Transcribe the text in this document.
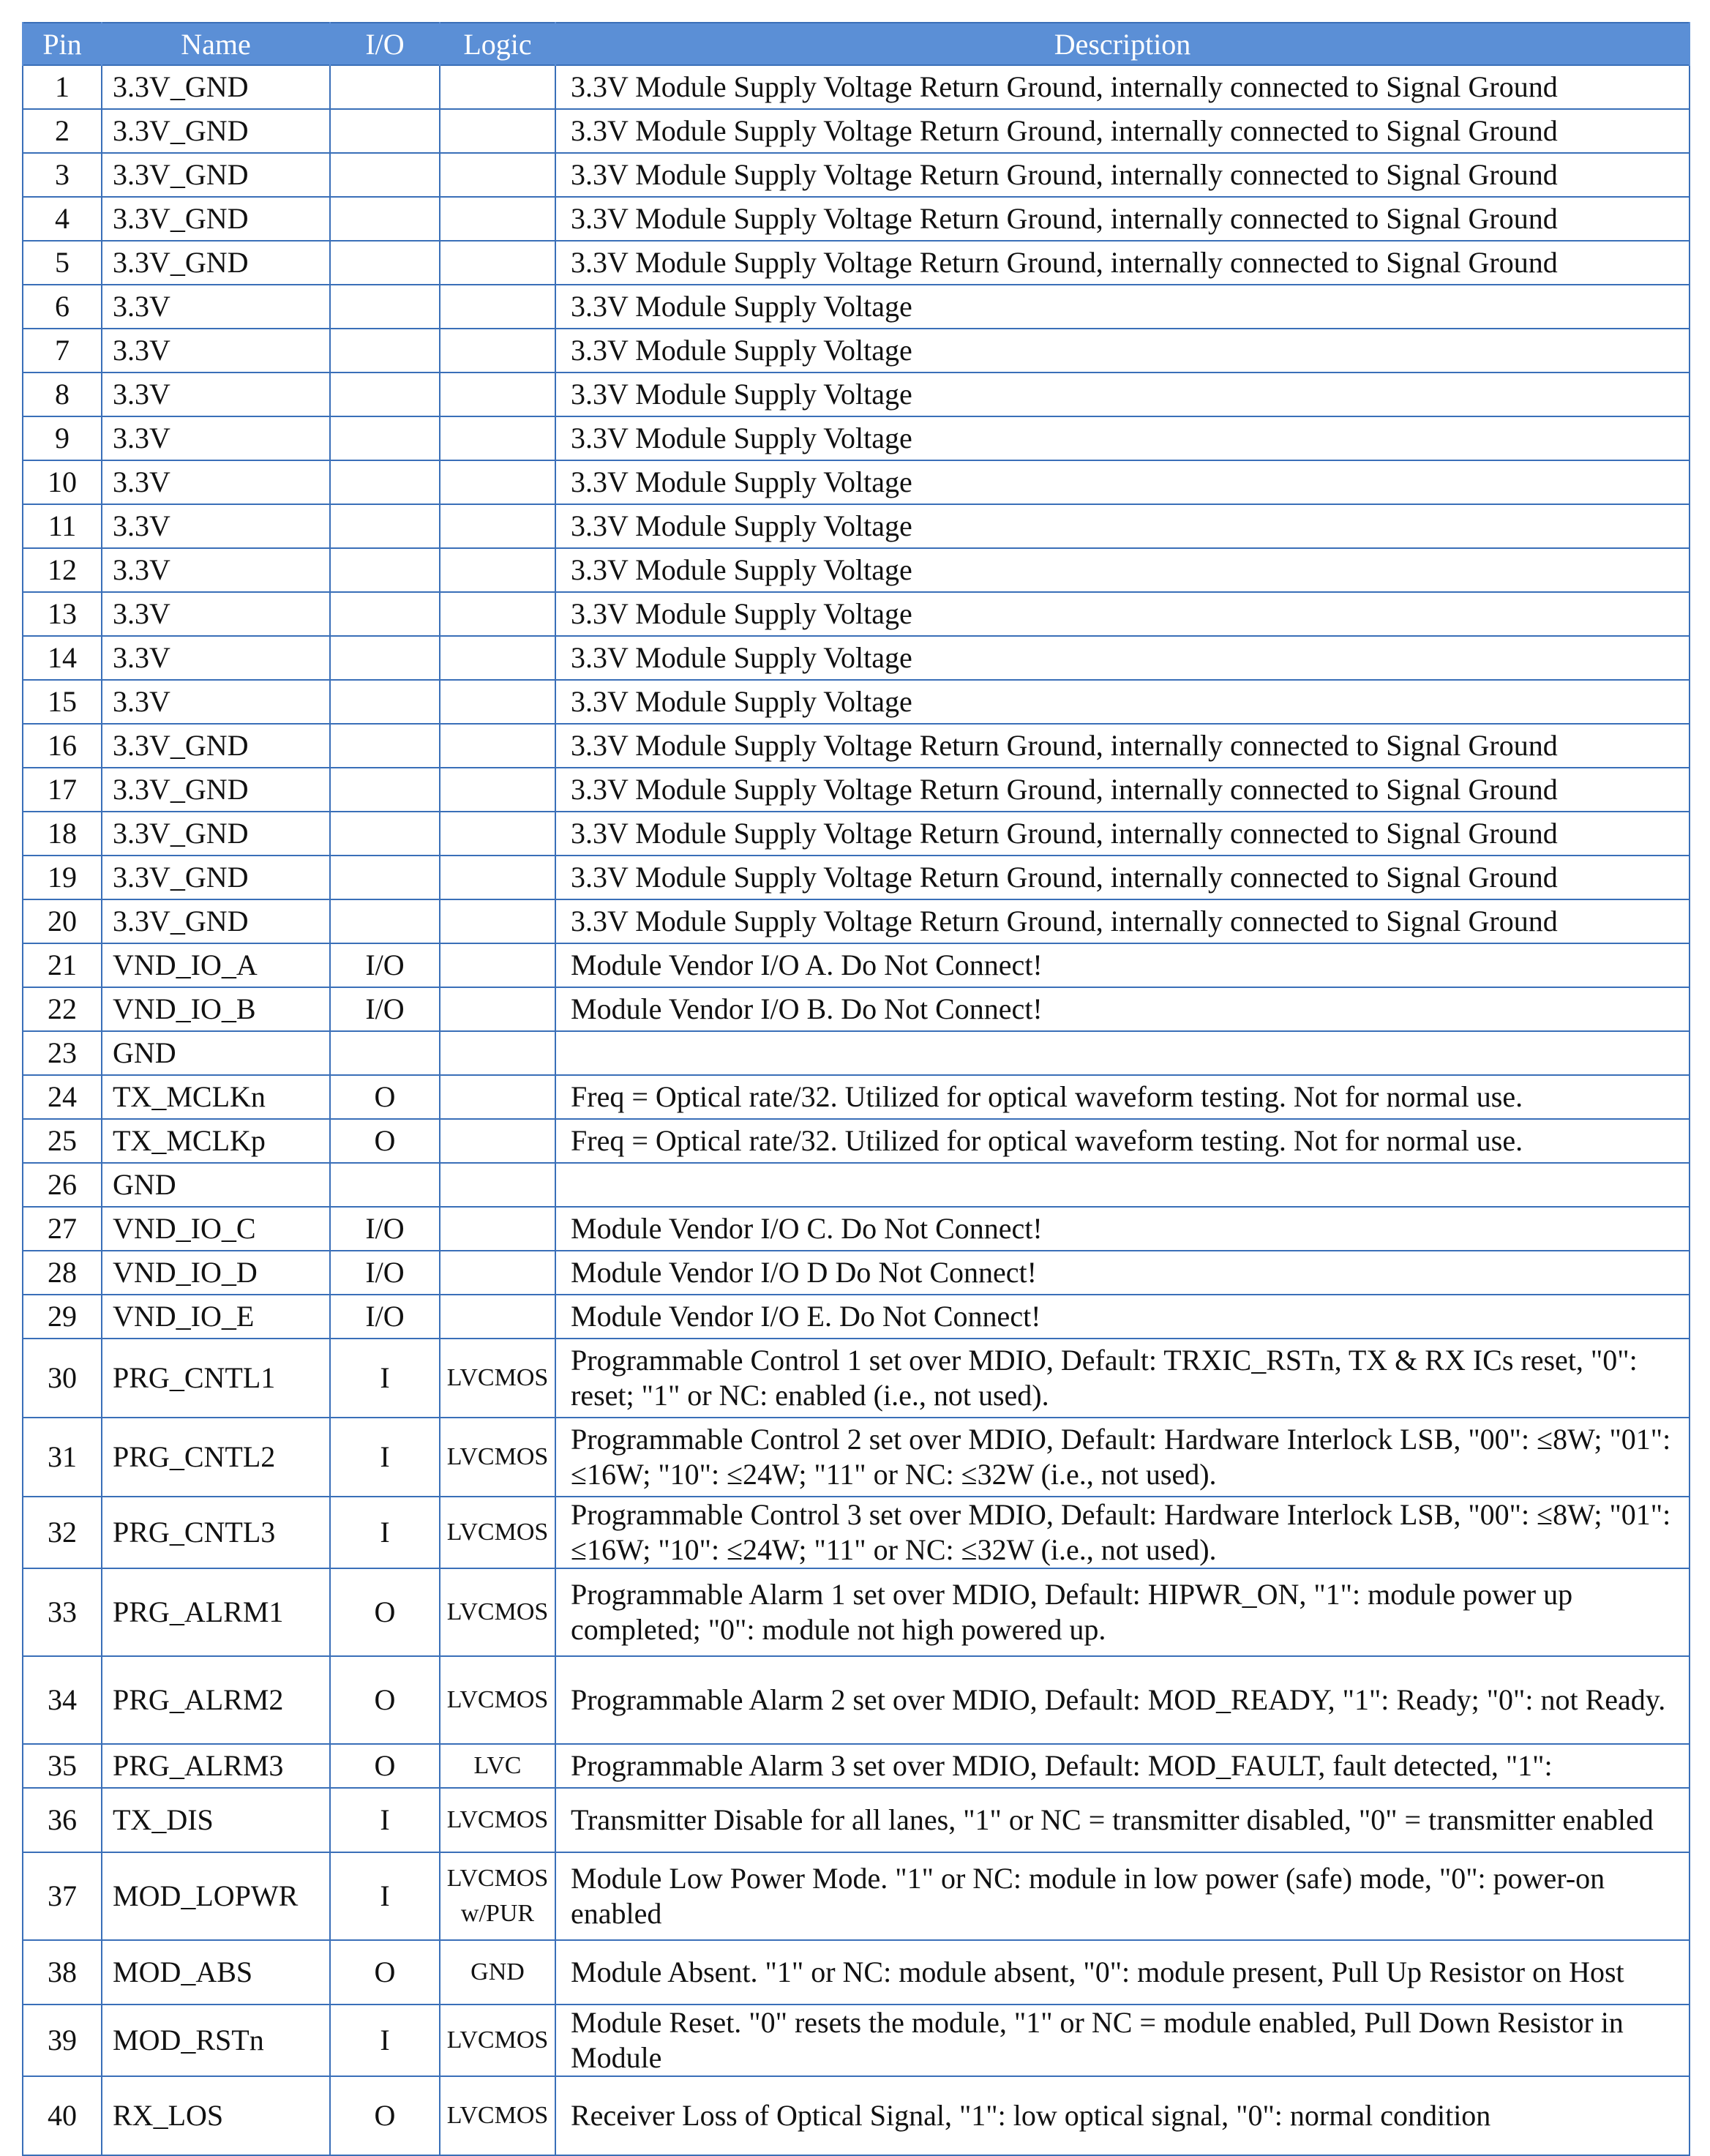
Pin	Name	I/O	Logic	Description
1	3.3V_GND			3.3V Module Supply Voltage Return Ground, internally connected to Signal Ground
2	3.3V_GND			3.3V Module Supply Voltage Return Ground, internally connected to Signal Ground
3	3.3V_GND			3.3V Module Supply Voltage Return Ground, internally connected to Signal Ground
4	3.3V_GND			3.3V Module Supply Voltage Return Ground, internally connected to Signal Ground
5	3.3V_GND			3.3V Module Supply Voltage Return Ground, internally connected to Signal Ground
6	3.3V			3.3V Module Supply Voltage
7	3.3V			3.3V Module Supply Voltage
8	3.3V			3.3V Module Supply Voltage
9	3.3V			3.3V Module Supply Voltage
10	3.3V			3.3V Module Supply Voltage
11	3.3V			3.3V Module Supply Voltage
12	3.3V			3.3V Module Supply Voltage
13	3.3V			3.3V Module Supply Voltage
14	3.3V			3.3V Module Supply Voltage
15	3.3V			3.3V Module Supply Voltage
16	3.3V_GND			3.3V Module Supply Voltage Return Ground, internally connected to Signal Ground
17	3.3V_GND			3.3V Module Supply Voltage Return Ground, internally connected to Signal Ground
18	3.3V_GND			3.3V Module Supply Voltage Return Ground, internally connected to Signal Ground
19	3.3V_GND			3.3V Module Supply Voltage Return Ground, internally connected to Signal Ground
20	3.3V_GND			3.3V Module Supply Voltage Return Ground, internally connected to Signal Ground
21	VND_IO_A	I/O		Module Vendor I/O A. Do Not Connect!
22	VND_IO_B	I/O		Module Vendor I/O B. Do Not Connect!
23	GND			
24	TX_MCLKn	O		Freq = Optical rate/32. Utilized for optical waveform testing. Not for normal use.
25	TX_MCLKp	O		Freq = Optical rate/32. Utilized for optical waveform testing. Not for normal use.
26	GND			
27	VND_IO_C	I/O		Module Vendor I/O C. Do Not Connect!
28	VND_IO_D	I/O		Module Vendor I/O D Do Not Connect!
29	VND_IO_E	I/O		Module Vendor I/O E. Do Not Connect!
30	PRG_CNTL1	I	LVCMOS	Programmable Control 1 set over MDIO, Default: TRXIC_RSTn, TX & RX ICs reset, "0": reset; "1" or NC: enabled (i.e., not used).
31	PRG_CNTL2	I	LVCMOS	Programmable Control 2 set over MDIO, Default: Hardware Interlock LSB, "00": ≤8W; "01": ≤16W; "10": ≤24W; "11" or NC: ≤32W (i.e., not used).
32	PRG_CNTL3	I	LVCMOS	Programmable Control 3 set over MDIO, Default: Hardware Interlock LSB, "00": ≤8W; "01": ≤16W; "10": ≤24W; "11" or NC: ≤32W (i.e., not used).
33	PRG_ALRM1	O	LVCMOS	Programmable Alarm 1 set over MDIO, Default: HIPWR_ON, "1": module power up completed; "0": module not high powered up.
34	PRG_ALRM2	O	LVCMOS	Programmable Alarm 2 set over MDIO, Default: MOD_READY, "1": Ready; "0": not Ready.
35	PRG_ALRM3	O	LVC	Programmable Alarm 3 set over MDIO, Default: MOD_FAULT, fault detected, "1":
36	TX_DIS	I	LVCMOS	Transmitter Disable for all lanes, "1" or NC = transmitter disabled, "0" = transmitter enabled
37	MOD_LOPWR	I	LVCMOS w/PUR	Module Low Power Mode. "1" or NC: module in low power (safe) mode, "0": power-on enabled
38	MOD_ABS	O	GND	Module Absent. "1" or NC: module absent, "0": module present, Pull Up Resistor on Host
39	MOD_RSTn	I	LVCMOS	Module Reset. "0" resets the module, "1" or NC = module enabled, Pull Down Resistor in Module
40	RX_LOS	O	LVCMOS	Receiver Loss of Optical Signal, "1": low optical signal, "0": normal condition
